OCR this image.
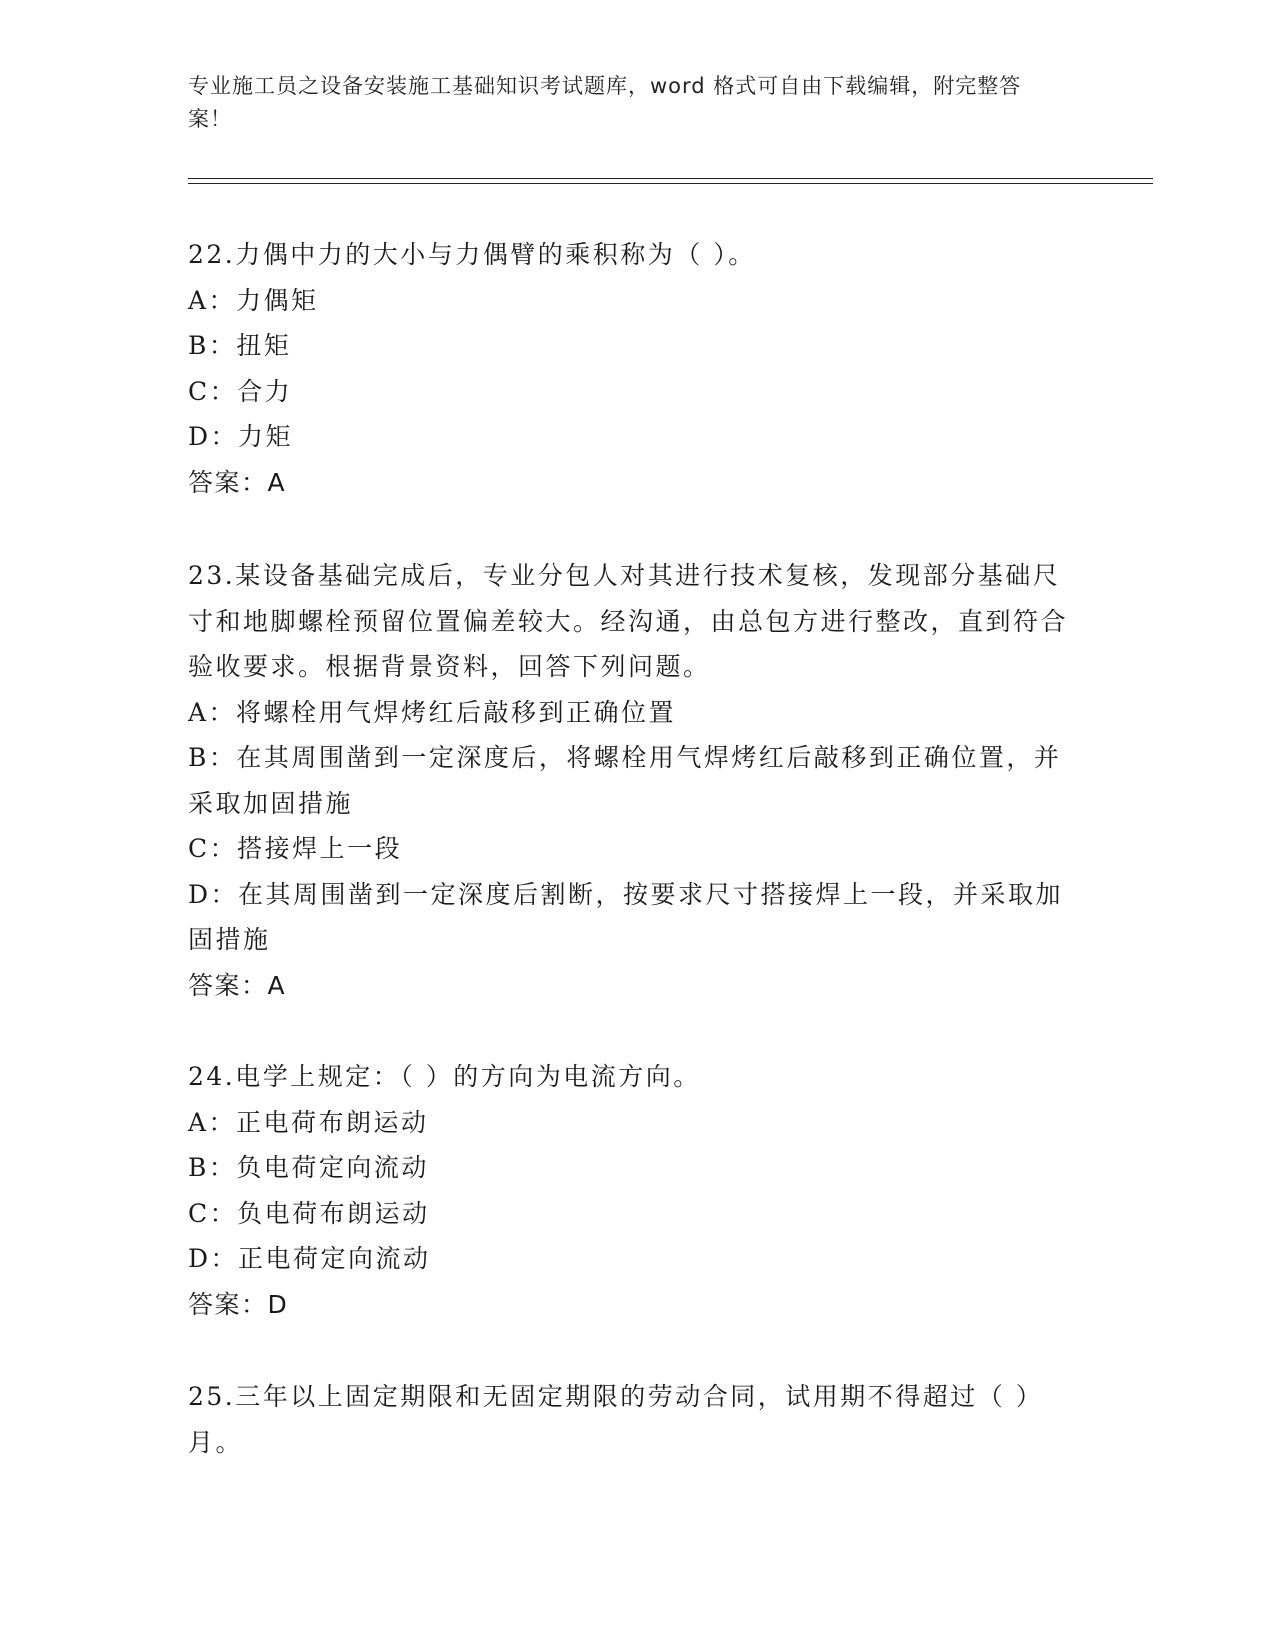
专业施工员之设备安装施工基础知识考试题库，word 格式可自由下载编辑，附完整答案！

22.力偶中力的大小与力偶臂的乘积称为（ ）。

A：力偶矩

B：扭矩

C：合力

D：力矩

答案：A

23.某设备基础完成后，专业分包人对其进行技术复核，发现部分基础尺寸和地脚螺栓预留位置偏差较大。经沟通，由总包方进行整改，直到符合验收要求。根据背景资料，回答下列问题。

A：将螺栓用气焊烤红后敲移到正确位置

B：在其周围凿到一定深度后，将螺栓用气焊烤红后敲移到正确位置，并采取加固措施

C：搭接焊上一段

D：在其周围凿到一定深度后割断，按要求尺寸搭接焊上一段，并采取加固措施

答案：A

24.电学上规定：（ ）的方向为电流方向。

A：正电荷布朗运动

B：负电荷定向流动

C：负电荷布朗运动

D：正电荷定向流动

答案：D

25.三年以上固定期限和无固定期限的劳动合同，试用期不得超过（ ）月。
